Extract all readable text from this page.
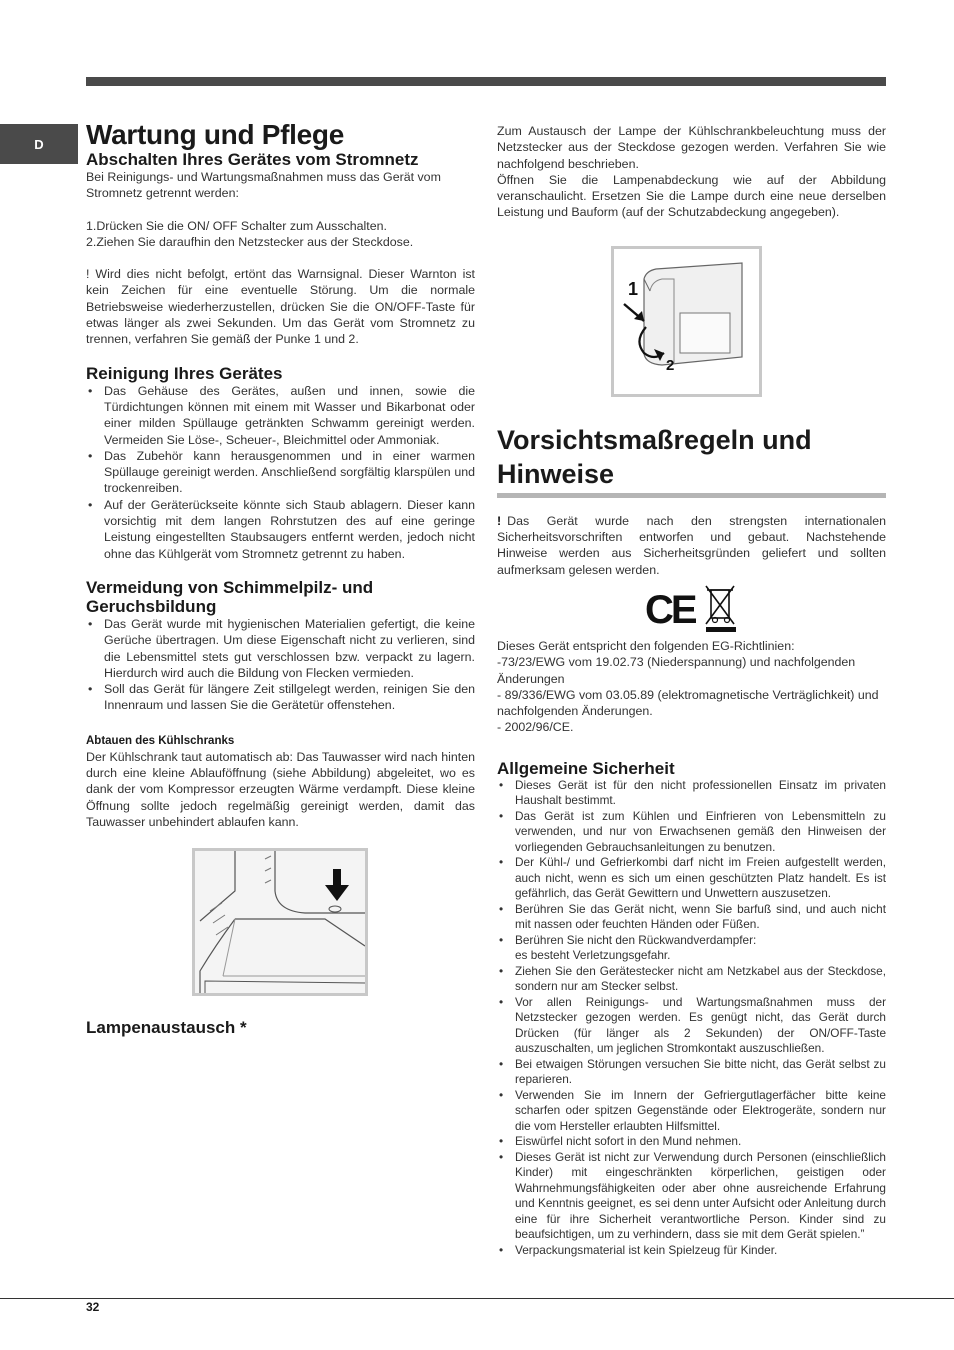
D	Wartung und Pflege
Abschalten Ihres Gerätes vom Stromnetz

Bei Reinigungs- und Wartungsmaßnahmen muss das Gerät vom Stromnetz getrennt werden:

1.Drücken Sie die ON/ OFF Schalter zum Ausschalten.

2.Ziehen Sie daraufhin den Netzstecker aus der Steckdose.

! Wird dies nicht befolgt, ertönt das Warnsignal. Dieser Warnton ist kein Zeichen für eine eventuelle Störung. Um die normale Betriebsweise wiederherzustellen, drücken Sie die ON/OFF-Taste für etwas länger als zwei Sekunden. Um das Gerät vom Stromnetz zu trennen, verfahren Sie gemäß der Punke 1 und 2.

Reinigung Ihres Gerätes
• Das Gehäuse des Gerätes, außen und innen, sowie die Türdichtungen können mit einem mit Wasser und Bikarbonat oder einer milden Spüllauge getränkten Schwamm gereinigt werden. Vermeiden Sie Löse-, Scheuer-, Bleichmittel oder Ammoniak.
• Das Zubehör kann herausgenommen und in einer warmen Spüllauge gereinigt werden. Anschließend sorgfältig klarspülen und trockenreiben.
• Auf der Geräterückseite könnte sich Staub ablagern. Dieser kann vorsichtig mit dem langen Rohrstutzen des auf eine geringe Leistung eingestellten Staubsaugers entfernt werden, jedoch nicht ohne das Kühlgerät vom Stromnetz getrennt zu haben.
Vermeidung von Schimmelpilz- und
Geruchsbildung
• Das Gerät wurde mit hygienischen Materialien gefertigt, die keine Gerüche übertragen. Um diese Eigenschaft nicht zu verlieren, sind die Lebensmittel stets gut verschlossen bzw. verpackt zu lagern. Hierdurch wird auch die Bildung von Flecken vermieden.
• Soll das Gerät für längere Zeit stillgelegt werden, reinigen Sie den Innenraum und lassen Sie die Gerätetür offenstehen.
Abtauen des Kühlschranks

Der Kühlschrank taut automatisch ab: Das Tauwasser wird nach hinten durch eine kleine Ablauföffnung (siehe Abbildung) abgeleitet, wo es dank der vom Kompressor erzeugten Wärme verdampft. Diese kleine Öffnung sollte jedoch regelmäßig gereinigt werden, damit das Tauwasser unbehindert ablaufen kann.

Lampenaustausch *

Zum Austausch der Lampe der Kühlschrankbeleuchtung muss der Netzstecker aus der Steckdose gezogen werden. Verfahren Sie wie nachfolgend beschrieben.

Öffnen Sie die Lampenabdeckung wie auf der Abbildung veranschaulicht. Ersetzen Sie die Lampe durch eine neue derselben Leistung und Bauform (auf der Schutzabdeckung angegeben).

1
2
Vorsichtsmaßregeln und
Hinweise

! Das Gerät wurde nach den strengsten internationalen Sicherheitsvorschriften entworfen und gebaut. Nachstehende Hinweise werden aus Sicherheitsgründen geliefert und sollten aufmerksam gelesen werden.

CE

Dieses Gerät entspricht den folgenden EG-Richtlinien:

-73/23/EWG vom 19.02.73 (Niederspannung) und nachfolgenden Änderungen

- 89/336/EWG vom 03.05.89 (elektromagnetische Verträglichkeit) und nachfolgenden Änderungen.

- 2002/96/CE.

Allgemeine Sicherheit
• Dieses Gerät ist für den nicht professionellen Einsatz im privaten Haushalt bestimmt.
• Das Gerät ist zum Kühlen und Einfrieren von Lebensmitteln zu verwenden, und nur von Erwachsenen gemäß den Hinweisen der vorliegenden Gebrauchsanleitungen zu benutzen.
• Der Kühl-/ und Gefrierkombi darf nicht im Freien aufgestellt werden, auch nicht, wenn es sich um einen geschützten Platz handelt. Es ist gefährlich, das Gerät Gewittern und Unwettern auszusetzen.
• Berühren Sie das Gerät nicht, wenn Sie barfuß sind, und auch nicht mit nassen oder feuchten Händen oder Füßen.
• Berühren Sie nicht den Rückwandverdampfer:
es besteht Verletzungsgefahr.
• Ziehen Sie den Gerätestecker nicht am Netzkabel aus der Steckdose, sondern nur am Stecker selbst.
• Vor allen Reinigungs- und Wartungsmaßnahmen muss der Netzstecker gezogen werden. Es genügt nicht, das Gerät durch Drücken (für länger als 2 Sekunden) der ON/OFF-Taste auszuschalten, um jeglichen Stromkontakt auszuschließen.
• Bei etwaigen Störungen versuchen Sie bitte nicht, das Gerät selbst zu reparieren.
• Verwenden Sie im Innern der Gefriergutlagerfächer bitte keine scharfen oder spitzen Gegenstände oder Elektrogeräte, sondern nur die vom Hersteller erlaubten Hilfsmittel.
• Eiswürfel nicht sofort in den Mund nehmen.
• Dieses Gerät ist nicht zur Verwendung durch Personen (einschließlich Kinder) mit eingeschränkten körperlichen, geistigen oder Wahrnehmungsfähigkeiten oder aber ohne ausreichende Erfahrung und Kenntnis geeignet, es sei denn unter Aufsicht oder Anleitung durch eine für ihre Sicherheit verantwortliche Person. Kinder sind zu beaufsichtigen, um zu verhindern, dass sie mit dem Gerät spielen.”
• Verpackungsmaterial ist kein Spielzeug für Kinder.
32
